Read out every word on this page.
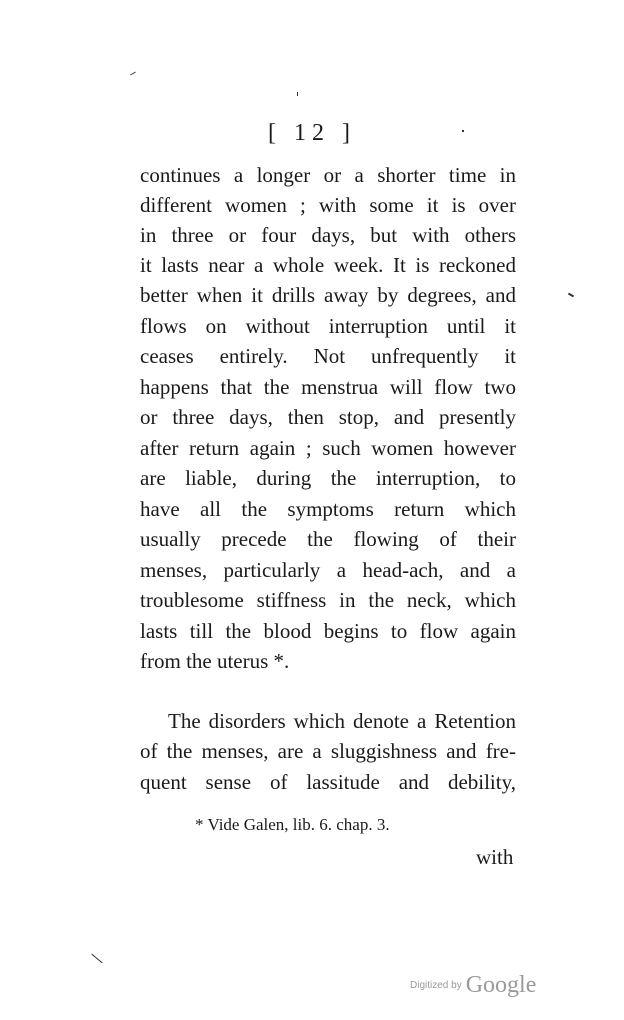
[ 12 ]
continues a longer or a shorter time in
different women ; with some it is over
in three or four days, but with others
it lasts near a whole week. It is reckoned
better when it drills away by degrees, and
flows on without interruption until it
ceases entirely. Not unfrequently it
happens that the menstrua will flow two
or three days, then stop, and presently
after return again ; such women however
are liable, during the interruption, to
have all the symptoms return which
usually precede the flowing of their
menses, particularly a head-ach, and a
troublesome stiffness in the neck, which
lasts till the blood begins to flow again
from the uterus *.
The disorders which denote a Retention
of the menses, are a sluggishness and fre-
quent sense of lassitude and debility,
* Vide Galen, lib. 6. chap. 3.
with
Digitized by Google
